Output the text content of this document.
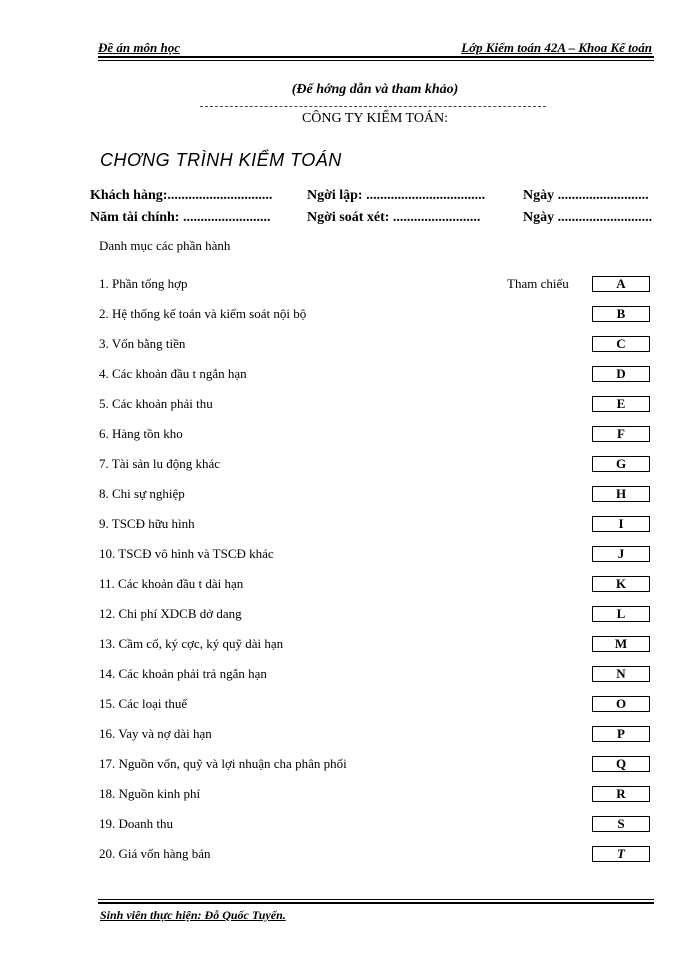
Đề án môn học	Lớp Kiểm toán 42A – Khoa Kế toán
(Để hớng dẫn và tham khảo)
CÔNG TY KIỂM TOÁN:
CHƠNG TRÌNH KIỂM TOÁN
Khách hàng:..............................	Ngời lập: ..................................	Ngày ..........................
Năm tài chính: .........................	Ngời soát xét: .........................	Ngày ...........................
Danh mục các phần hành
Tham chiếu
1. Phần tổng hợp	A
2. Hệ thống kế toán và kiểm soát nội bộ	B
3. Vốn bằng tiền	C
4. Các khoản đầu t ngắn hạn	D
5. Các khoản phải thu	E
6. Hàng tồn kho	F
7. Tài sản lu động khác	G
8. Chi sự nghiệp	H
9. TSCĐ hữu hình	I
10. TSCĐ vô hình và TSCĐ khác	J
11. Các khoản đầu t dài hạn	K
12. Chi phí XDCB dở dang	L
13. Cầm cố, ký cợc, ký quỹ dài hạn	M
14. Các khoản phải trả ngắn hạn	N
15. Các loại thuế	O
16. Vay và nợ dài hạn	P
17. Nguồn vốn, quỹ và lợi nhuận cha phân phối	Q
18. Nguồn kinh phí	R
19. Doanh thu	S
20. Giá vốn hàng bán	T
Sinh viên thực hiện: Đỗ Quốc Tuyển.
